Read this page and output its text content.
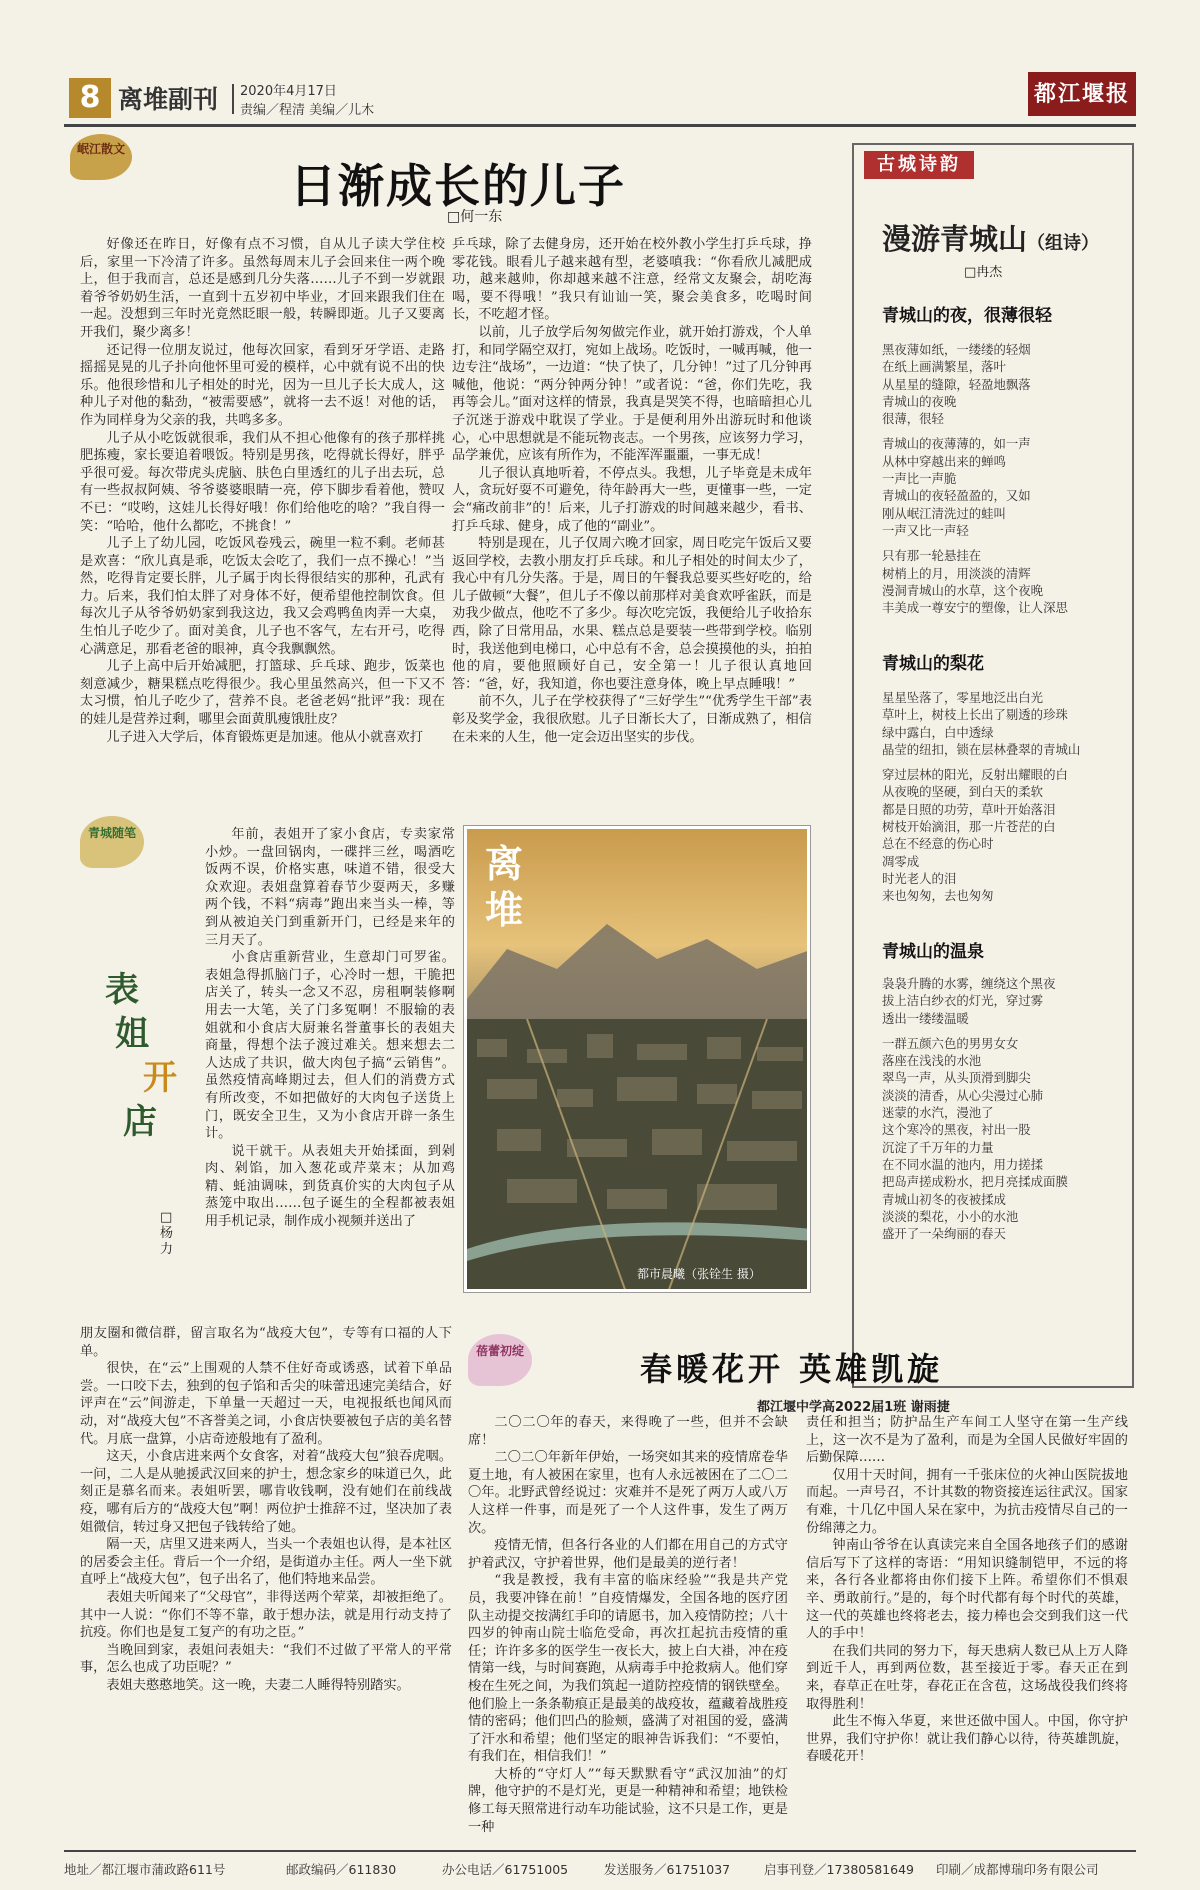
8 离堆副刊 2020年4月17日
责编／程清 美编／儿木
都江堰报
岷江散文
日渐成长的儿子
□何一东

好像还在昨日，好像有点不习惯，自从儿子读大学住校后，家里一下冷清了许多。虽然每周末儿子会回来住一两个晚上，但于我而言，总还是感到几分失落……儿子不到一岁就跟着爷爷奶奶生活，一直到十五岁初中毕业，才回来跟我们住在一起。没想到三年时光竟然眨眼一般，转瞬即逝。儿子又要离开我们，聚少离多！

还记得一位朋友说过，他每次回家，看到牙牙学语、走路摇摇晃晃的儿子扑向他怀里可爱的模样，心中就有说不出的快乐。他很珍惜和儿子相处的时光，因为一旦儿子长大成人，这种儿子对他的黏劲，“被需要感”，就将一去不返！对他的话，作为同样身为父亲的我，共鸣多多。

儿子从小吃饭就很乖，我们从不担心他像有的孩子那样挑肥拣瘦，家长要追着喂饭。特别是男孩，吃得就长得好，胖乎乎很可爱。每次带虎头虎脑、肤色白里透红的儿子出去玩，总有一些叔叔阿姨、爷爷婆婆眼睛一亮，停下脚步看着他，赞叹不已：“哎哟，这娃儿长得好哦！你们给他吃的啥？”我自得一笑：“哈哈，他什么都吃，不挑食！”

儿子上了幼儿园，吃饭风卷残云，碗里一粒不剩。老师甚是欢喜：“欣儿真是乖，吃饭太会吃了，我们一点不操心！”当然，吃得肯定要长胖，儿子属于肉长得很结实的那种，孔武有力。后来，我们怕太胖了对身体不好，便希望他控制饮食。但每次儿子从爷爷奶奶家到我这边，我又会鸡鸭鱼肉弄一大桌，生怕儿子吃少了。面对美食，儿子也不客气，左右开弓，吃得心满意足，那看老爸的眼神，真令我飘飘然。

儿子上高中后开始减肥，打篮球、乒乓球、跑步，饭菜也刻意减少，糖果糕点吃得很少。我心里虽然高兴，但一下又不太习惯，怕儿子吃少了，营养不良。老爸老妈“批评”我：现在的娃儿是营养过剩，哪里会面黄肌瘦饿肚皮？

儿子进入大学后，体育锻炼更是加速。他从小就喜欢打

乒乓球，除了去健身房，还开始在校外教小学生打乒乓球，挣零花钱。眼看儿子越来越有型，老婆嗔我：“你看欣儿减肥成功，越来越帅，你却越来越不注意，经常文友聚会，胡吃海喝，要不得哦！”我只有讪讪一笑，聚会美食多，吃喝时间长，不吃超才怪。

以前，儿子放学后匆匆做完作业，就开始打游戏，个人单打，和同学隔空双打，宛如上战场。吃饭时，一喊再喊，他一边专注“战场”，一边道：“快了快了，几分钟！”过了几分钟再喊他，他说：“两分钟两分钟！”或者说：“爸，你们先吃，我再等会儿。”面对这样的情景，我真是哭笑不得，也暗暗担心儿子沉迷于游戏中耽误了学业。于是便利用外出游玩时和他谈心，心中思想就是不能玩物丧志。一个男孩，应该努力学习，品学兼优，应该有所作为，不能浑浑噩噩，一事无成！

儿子很认真地听着，不停点头。我想，儿子毕竟是未成年人，贪玩好耍不可避免，待年龄再大一些，更懂事一些，一定会“痛改前非”的！后来，儿子打游戏的时间越来越少，看书、打乒乓球、健身，成了他的“副业”。

特别是现在，儿子仅周六晚才回家，周日吃完午饭后又要返回学校，去教小朋友打乒乓球。和儿子相处的时间太少了，我心中有几分失落。于是，周日的午餐我总要买些好吃的，给儿子做顿“大餐”，但儿子不像以前那样对美食欢呼雀跃，而是劝我少做点，他吃不了多少。每次吃完饭，我便给儿子收拾东西，除了日常用品，水果、糕点总是要装一些带到学校。临别时，我送他到电梯口，心中总有不舍，总会摸摸他的头，拍拍他的肩，要他照顾好自己，安全第一！儿子很认真地回答：“爸，好，我知道，你也要注意身体，晚上早点睡哦！”

前不久，儿子在学校获得了“三好学生”“优秀学生干部”表彰及奖学金，我很欣慰。儿子日渐长大了，日渐成熟了，相信在未来的人生，他一定会迈出坚实的步伐。

青城随笔
表
姐
开
店
□杨力

年前，表姐开了家小食店，专卖家常小炒。一盘回锅肉，一碟拌三丝，喝酒吃饭两不误，价格实惠，味道不错，很受大众欢迎。表姐盘算着春节少耍两天，多赚两个钱，不料“病毒”跑出来当头一棒，等到从被迫关门到重新开门，已经是来年的三月天了。

小食店重新营业，生意却门可罗雀。表姐急得抓脑门子，心冷时一想，干脆把店关了，转头一念又不忍，房租啊装修啊用去一大笔，关了门多冤啊！不服输的表姐就和小食店大厨兼名誉董事长的表姐夫商量，得想个法子渡过难关。想来想去二人达成了共识，做大肉包子搞“云销售”。虽然疫情高峰期过去，但人们的消费方式有所改变，不如把做好的大肉包子送货上门，既安全卫生，又为小食店开辟一条生计。

说干就干。从表姐夫开始揉面，到剁肉、剁馅，加入葱花或芹菜末；从加鸡精、蚝油调味，到货真价实的大肉包子从蒸笼中取出……包子诞生的全程都被表姐用手机记录，制作成小视频并送出了

朋友圈和微信群，留言取名为“战疫大包”，专等有口福的人下单。

很快，在“云”上围观的人禁不住好奇或诱惑，试着下单品尝。一口咬下去，独到的包子馅和舌尖的味蕾迅速完美结合，好评声在“云”间游走，下单量一天超过一天，电视报纸也闻风而动，对“战疫大包”不吝誉美之词，小食店快要被包子店的美名替代。月底一盘算，小店奇迹般地有了盈利。

这天，小食店进来两个女食客，对着“战疫大包”狼吞虎咽。一问，二人是从驰援武汉回来的护士，想念家乡的味道已久，此刻正是慕名而来。表姐听罢，哪肯收钱啊，没有她们在前线战疫，哪有后方的“战疫大包”啊！两位护士推辞不过，坚决加了表姐微信，转过身又把包子钱转给了她。

隔一天，店里又进来两人，当头一个表姐也认得，是本社区的居委会主任。背后一个一介绍，是街道办主任。两人一坐下就直呼上“战疫大包”，包子出名了，他们特地来品尝。

表姐夫听闻来了“父母官”，非得送两个荤菜，却被拒绝了。其中一人说：“你们不等不靠，敢于想办法，就是用行动支持了抗疫。你们也是复工复产的有功之臣。”

当晚回到家，表姐问表姐夫：“我们不过做了平常人的平常事，怎么也成了功臣呢？”

表姐夫憨憨地笑。这一晚，夫妻二人睡得特别踏实。

离堆
都市晨曦（张铨生 摄）
古城诗韵
漫游青城山（组诗）
□冉杰
青城山的夜，很薄很轻
黑夜薄如纸，一缕缕的轻烟
在纸上画满繁星，落叶
从星星的缝隙，轻盈地飘落
青城山的夜晚
很薄，很轻
青城山的夜薄薄的，如一声
从林中穿越出来的蝉鸣
一声比一声脆
青城山的夜轻盈盈的，又如
刚从岷江清洗过的蛙叫
一声又比一声轻
只有那一轮悬挂在
树梢上的月，用淡淡的清辉
漫洞青城山的水草，这个夜晚
丰美成一尊安宁的塑像，让人深思
青城山的梨花
星星坠落了，零星地泛出白光
草叶上，树枝上长出了剔透的珍珠
绿中露白，白中透绿
晶莹的纽扣，锁在层林叠翠的青城山
穿过层林的阳光，反射出耀眼的白
从夜晚的坚硬，到白天的柔软
都是日照的功劳，草叶开始落泪
树枝开始滴泪，那一片苍茫的白
总在不经意的伤心时
凋零成
时光老人的泪
来也匆匆，去也匆匆
青城山的温泉
袅袅升腾的水雾，缠绕这个黑夜
拔上洁白纱衣的灯光，穿过雾
透出一缕缕温暖
一群五颜六色的男男女女
落座在浅浅的水池
翠鸟一声，从头顶滑到脚尖
淡淡的清香，从心尖漫过心肺
迷蒙的水汽，漫池了
这个寒冷的黑夜，衬出一股
沉淀了千万年的力量
在不同水温的池内，用力搓揉
把岛声搓成粉水，把月亮揉成面膜
青城山初冬的夜被揉成
淡淡的梨花，小小的水池
盛开了一朵绚丽的春天
蓓蕾初绽	春暖花开 英雄凯旋
都江堰中学高2022届1班 谢雨捷

二〇二〇年的春天，来得晚了一些，但并不会缺席！

二〇二〇年新年伊始，一场突如其来的疫情席卷华夏土地，有人被困在家里，也有人永远被困在了二〇二〇年。北野武曾经说过：灾难并不是死了两万人或八万人这样一件事，而是死了一个人这件事，发生了两万次。

疫情无情，但各行各业的人们都在用自己的方式守护着武汉，守护着世界，他们是最美的逆行者！

“我是教授，我有丰富的临床经验”“我是共产党员，我要冲锋在前！”自疫情爆发，全国各地的医疗团队主动提交按满红手印的请愿书，加入疫情防控；八十四岁的钟南山院士临危受命，再次扛起抗击疫情的重任；许许多多的医学生一夜长大，披上白大褂，冲在疫情第一线，与时间赛跑，从病毒手中抢救病人。他们穿梭在生死之间，为我们筑起一道防控疫情的钢铁壁垒。他们脸上一条条勒痕正是最美的战疫妆，蕴藏着战胜疫情的密码；他们凹凸的脸颊，盛满了对祖国的爱，盛满了汗水和希望；他们坚定的眼神告诉我们：“不要怕，有我们在，相信我们！”

大桥的“守灯人”“每天默默看守“武汉加油”的灯牌，他守护的不是灯光，更是一种精神和希望；地铁检修工每天照常进行动车功能试验，这不只是工作，更是一种

责任和担当；防护品生产车间工人坚守在第一生产线上，这一次不是为了盈利，而是为全国人民做好牢固的后勤保障……

仅用十天时间，拥有一千张床位的火神山医院拔地而起。一声号召，不计其数的物资接连运往武汉。国家有难，十几亿中国人呆在家中，为抗击疫情尽自己的一份绵薄之力。

钟南山爷爷在认真读完来自全国各地孩子们的感谢信后写下了这样的寄语：“用知识缝制铠甲，不远的将来，各行各业都将由你们接下上阵。希望你们不惧艰辛、勇敢前行。”是的，每个时代都有每个时代的英雄，这一代的英雄也终将老去，接力棒也会交到我们这一代人的手中！

在我们共同的努力下，每天患病人数已从上万人降到近千人，再到两位数，甚至接近于零。春天正在到来，春草正在吐芽，春花正在含苞，这场战役我们终将取得胜利！

此生不悔入华夏，来世还做中国人。中国，你守护世界，我们守护你！就让我们静心以待，待英雄凯旋，春暖花开！

地址／都江堰市蒲政路611号	邮政编码／611830	办公电话／61751005	发送服务／61751037	启事刊登／17380581649 印刷／成都博瑞印务有限公司
